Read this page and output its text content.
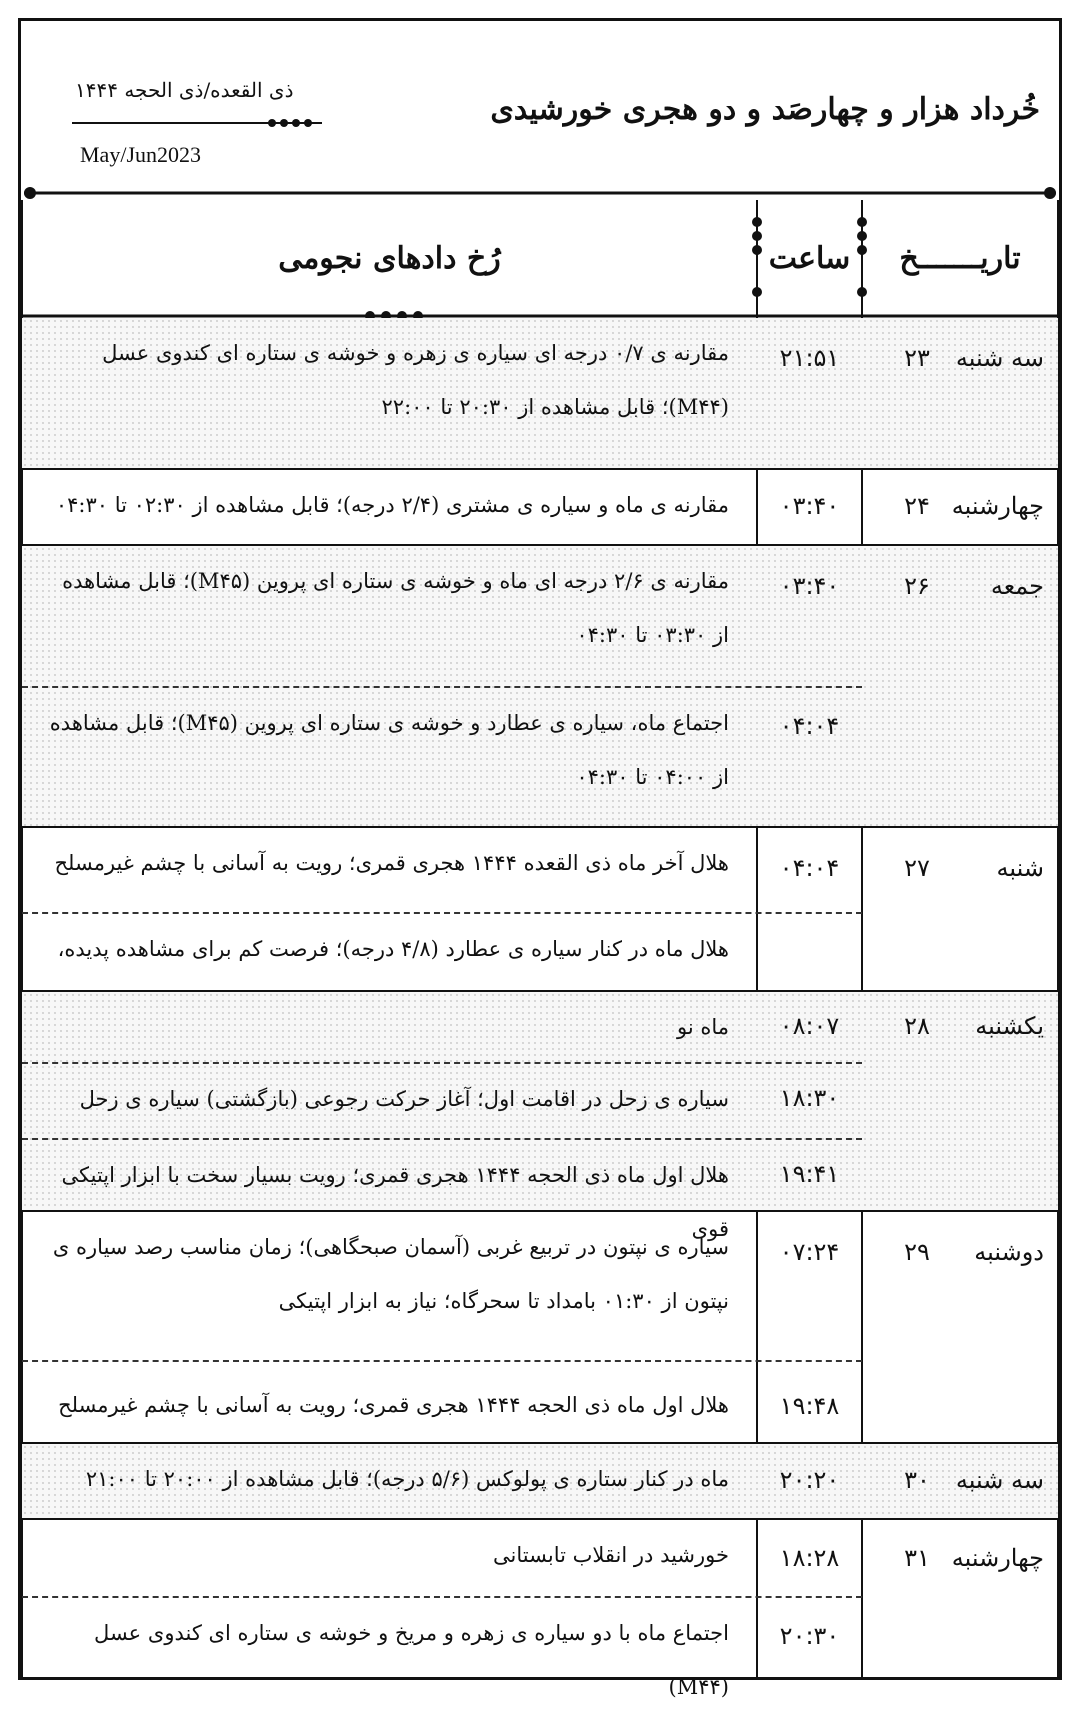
خُرداد هزار و چهارصَد و دو هجری خورشیدی
ذی القعده/ذی الحجه ۱۴۴۴
May/Jun2023
تاریـــــــخ
ساعت
رُخ دادهای نجومی
سه شنبه
۲۳
۲۱:۵۱
مقارنه ی ۰/۷ درجه ای سیاره ی زهره و خوشه ی ستاره ای کندوی عسل (M۴۴)؛ قابل مشاهده از ۲۰:۳۰ تا ۲۲:۰۰
چهارشنبه
۲۴
۰۳:۴۰
مقارنه ی ماه و سیاره ی مشتری (۲/۴ درجه)؛ قابل مشاهده از ۰۲:۳۰ تا ۰۴:۳۰
جمعه
۲۶
۰۳:۴۰
مقارنه ی ۲/۶ درجه ای ماه و خوشه ی ستاره ای پروین (M۴۵)؛ قابل مشاهده از ۰۳:۳۰ تا ۰۴:۳۰
۰۴:۰۴
اجتماع ماه، سیاره ی عطارد و خوشه ی ستاره ای پروین (M۴۵)؛ قابل مشاهده از ۰۴:۰۰ تا ۰۴:۳۰
شنبه
۲۷
۰۴:۰۴
هلال آخر ماه ذی القعده ۱۴۴۴ هجری قمری؛ رویت به آسانی با چشم غیرمسلح
هلال ماه در کنار سیاره ی عطارد (۴/۸ درجه)؛ فرصت کم برای مشاهده پدیده،
یکشنبه
۲۸
۰۸:۰۷
ماه نو
۱۸:۳۰
سیاره ی زحل در اقامت اول؛ آغاز حرکت رجوعی (بازگشتی) سیاره ی زحل
۱۹:۴۱
هلال اول ماه ذی الحجه ۱۴۴۴ هجری قمری؛ رویت بسیار سخت با ابزار اپتیکی قوی
دوشنبه
۲۹
۰۷:۲۴
سیاره ی نپتون در تربیع غربی (آسمان صبحگاهی)؛ زمان مناسب رصد سیاره ی نپتون از ۰۱:۳۰ بامداد تا سحرگاه؛ نیاز به ابزار اپتیکی
۱۹:۴۸
هلال اول ماه ذی الحجه ۱۴۴۴ هجری قمری؛ رویت به آسانی با چشم غیرمسلح
سه شنبه
۳۰
۲۰:۲۰
ماه در کنار ستاره ی پولوکس (۵/۶ درجه)؛ قابل مشاهده از ۲۰:۰۰ تا ۲۱:۰۰
چهارشنبه
۳۱
۱۸:۲۸
خورشید در انقلاب تابستانی
۲۰:۳۰
اجتماع ماه با دو سیاره ی زهره و مریخ و خوشه ی ستاره ای کندوی عسل (M۴۴)
